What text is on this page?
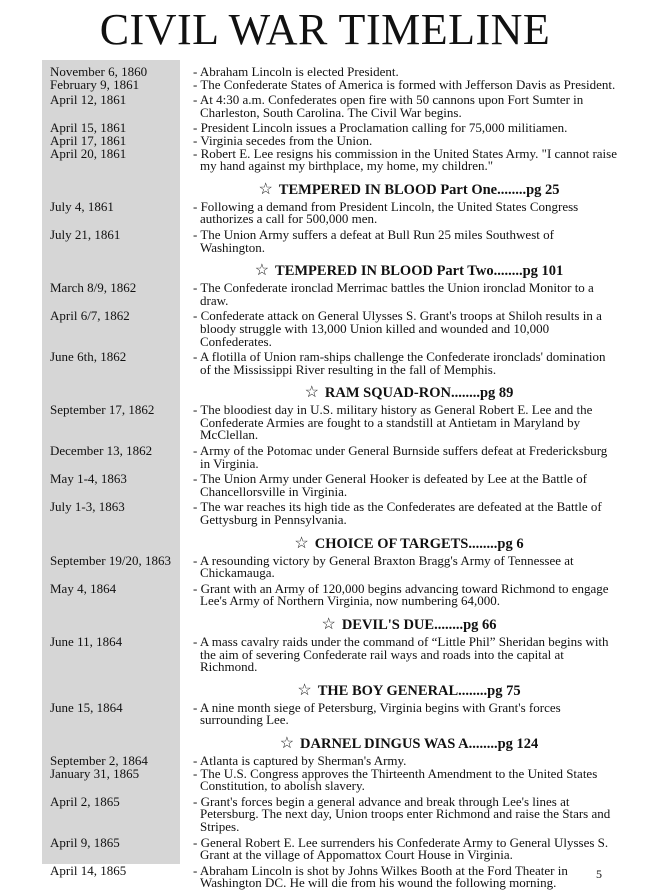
CIVIL WAR TIMELINE
November 6, 1860	- Abraham Lincoln is elected President.
February 9, 1861	- The Confederate States of America is formed with Jefferson Davis as President.
April 12, 1861	- At 4:30 a.m. Confederates open fire with 50 cannons upon Fort Sumter in Charleston, South Carolina. The Civil War begins.
April 15, 1861	- President Lincoln issues a Proclamation calling for 75,000 militiamen.
April 17, 1861	- Virginia secedes from the Union.
April 20, 1861	- Robert E. Lee resigns his commission in the United States Army. "I cannot raise my hand against my birthplace, my home, my children."
☆ TEMPERED IN BLOOD Part One........pg 25
July 4, 1861	- Following a demand from President Lincoln, the United States Congress authorizes a call for 500,000 men.
July 21, 1861	- The Union Army suffers a defeat at Bull Run 25 miles Southwest of Washington.
☆ TEMPERED IN BLOOD Part Two........pg 101
March 8/9, 1862	- The Confederate ironclad Merrimac battles the Union ironclad Monitor to a draw.
April 6/7, 1862	- Confederate attack on General Ulysses S. Grant's troops at Shiloh results in a bloody struggle with 13,000 Union killed and wounded and 10,000 Confederates.
June 6th, 1862	- A flotilla of Union ram-ships challenge the Confederate ironclads' domination of the Mississippi River resulting in the fall of Memphis.
☆ RAM SQUAD-RON........pg 89
September 17, 1862	- The bloodiest day in U.S. military history as General Robert E. Lee and the Confederate Armies are fought to a standstill at Antietam in Maryland by McClellan.
December 13, 1862	- Army of the Potomac under General Burnside suffers defeat at Fredericksburg in Virginia.
May 1-4, 1863	- The Union Army under General Hooker is defeated by Lee at the Battle of Chancellorsville in Virginia.
July 1-3, 1863	- The war reaches its high tide as the Confederates are defeated at the Battle of Gettysburg in Pennsylvania.
☆ CHOICE OF TARGETS........pg 6
September 19/20, 1863	- A resounding victory by General Braxton Bragg's Army of Tennessee at Chickamauga.
May 4, 1864	- Grant with an Army of 120,000 begins advancing toward Richmond to engage Lee's Army of Northern Virginia, now numbering 64,000.
☆ DEVIL'S DUE........pg 66
June 11, 1864	- A mass cavalry raids under the command of “Little Phil” Sheridan begins with the aim of severing Confederate rail ways and roads into the capital at Richmond.
☆ THE BOY GENERAL........pg 75
June 15, 1864	- A nine month siege of Petersburg, Virginia begins with Grant's forces surrounding Lee.
☆ DARNEL DINGUS WAS A........pg 124
September 2, 1864	- Atlanta is captured by Sherman's Army.
January 31, 1865	- The U.S. Congress approves the Thirteenth Amendment to the United States Constitution, to abolish slavery.
April 2, 1865	- Grant's forces begin a general advance and break through Lee's lines at Petersburg. The next day, Union troops enter Richmond and raise the Stars and Stripes.
April 9, 1865	- General Robert E. Lee surrenders his Confederate Army to General Ulysses S. Grant at the village of Appomattox Court House in Virginia.
April 14, 1865	- Abraham Lincoln is shot by Johns Wilkes Booth at the Ford Theater in Washington DC. He will die from his wound the following morning.
5
